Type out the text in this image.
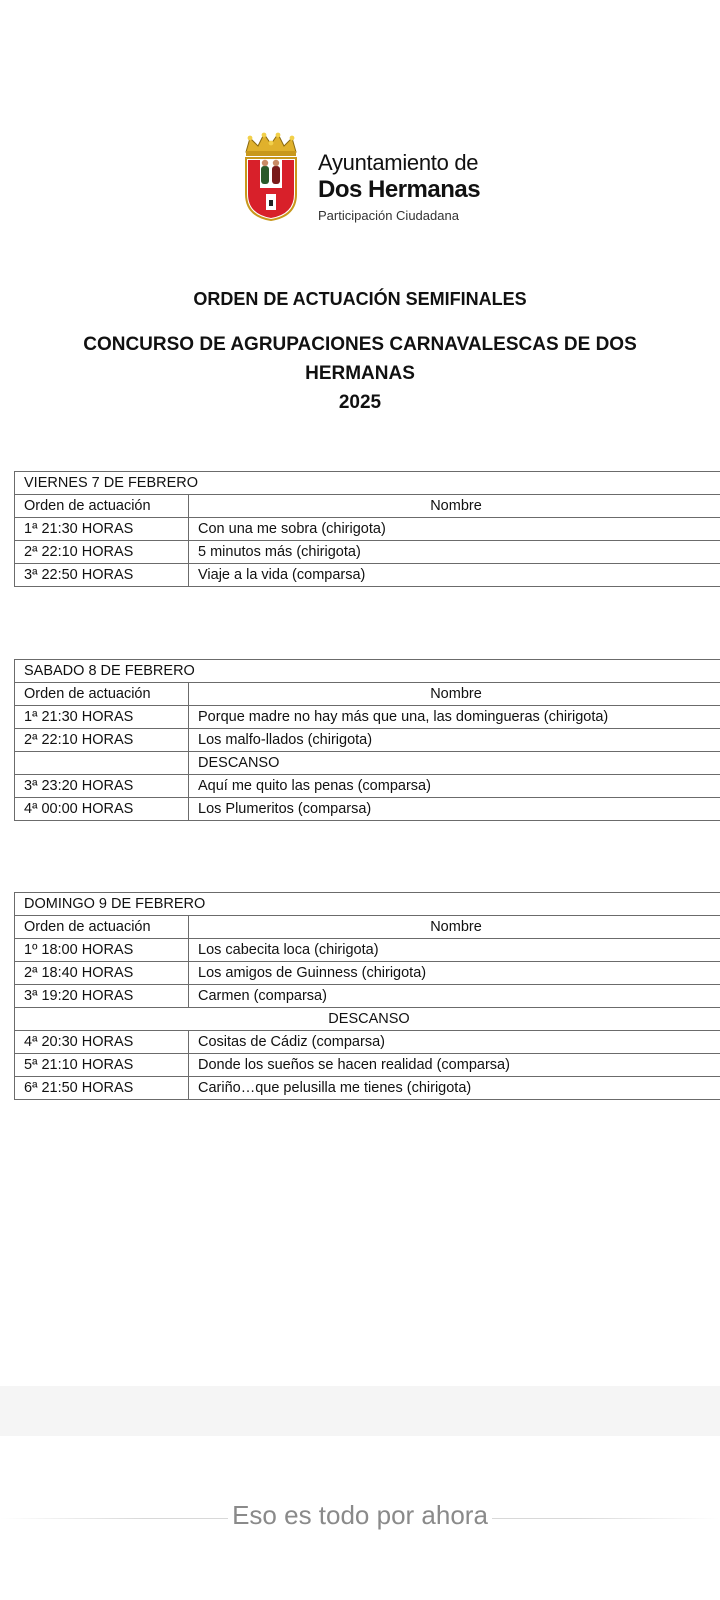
Ayuntamiento de
Dos Hermanas
Participación Ciudadana
ORDEN DE ACTUACIÓN SEMIFINALES
CONCURSO DE AGRUPACIONES CARNAVALESCAS DE DOS HERMANAS
2025
VIERNES 7 DE FEBRERO	
Orden de actuación	Nombre
1ª 21:30 HORAS	Con una me sobra (chirigota)
2ª 22:10 HORAS	5 minutos más (chirigota)
3ª 22:50 HORAS	Viaje a la vida (comparsa)
SABADO 8 DE FEBRERO	
Orden de actuación	Nombre
1ª 21:30 HORAS	Porque madre no hay más que una, las domingueras (chirigota)
2ª 22:10 HORAS	Los malfo-llados (chirigota)
	DESCANSO
3ª 23:20 HORAS	Aquí me quito las penas (comparsa)
4ª 00:00 HORAS	Los Plumeritos (comparsa)
DOMINGO 9 DE FEBRERO	
Orden de actuación	Nombre
1º 18:00 HORAS	Los cabecita loca (chirigota)
2ª 18:40 HORAS	Los amigos de Guinness (chirigota)
3ª 19:20 HORAS	Carmen (comparsa)
DESCANSO	
4ª 20:30 HORAS	Cositas de Cádiz (comparsa)
5ª 21:10 HORAS	Donde los sueños se hacen realidad (comparsa)
6ª 21:50 HORAS	Cariño…que pelusilla me tienes (chirigota)
Eso es todo por ahora
